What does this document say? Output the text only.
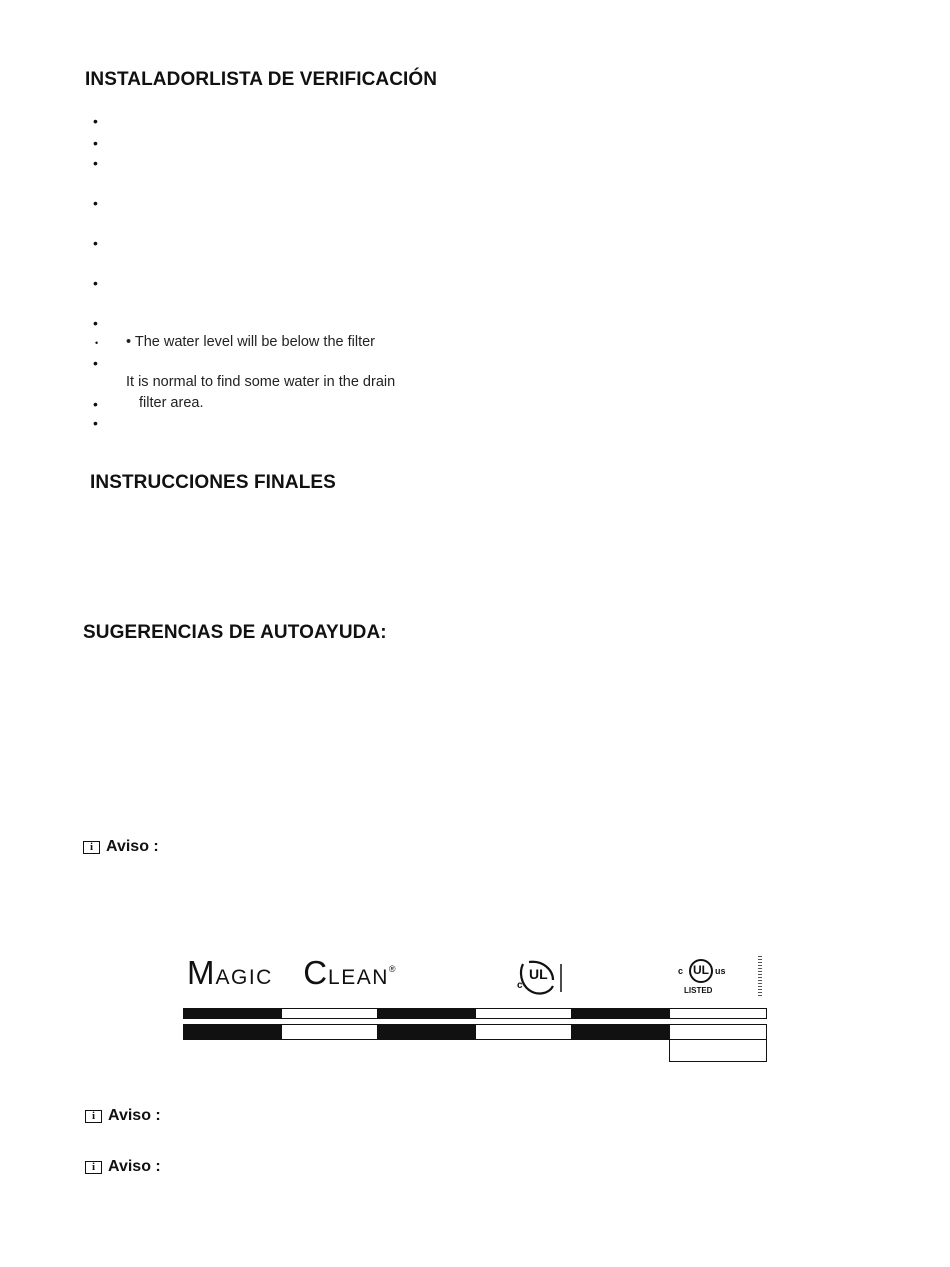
INSTALADORLISTA DE VERIFICACIÓN
•
•
•
•
•
•
•
•
•
•
•
• The water level will be below the filter
It is normal to find some water in the drain
filter area.
INSTRUCCIONES FINALES
SUGERENCIAS DE AUTOAYUDA:
i Aviso :
MAGIC CLEAN®
c
UL	c UL us
LISTED
i Aviso :
i Aviso :
